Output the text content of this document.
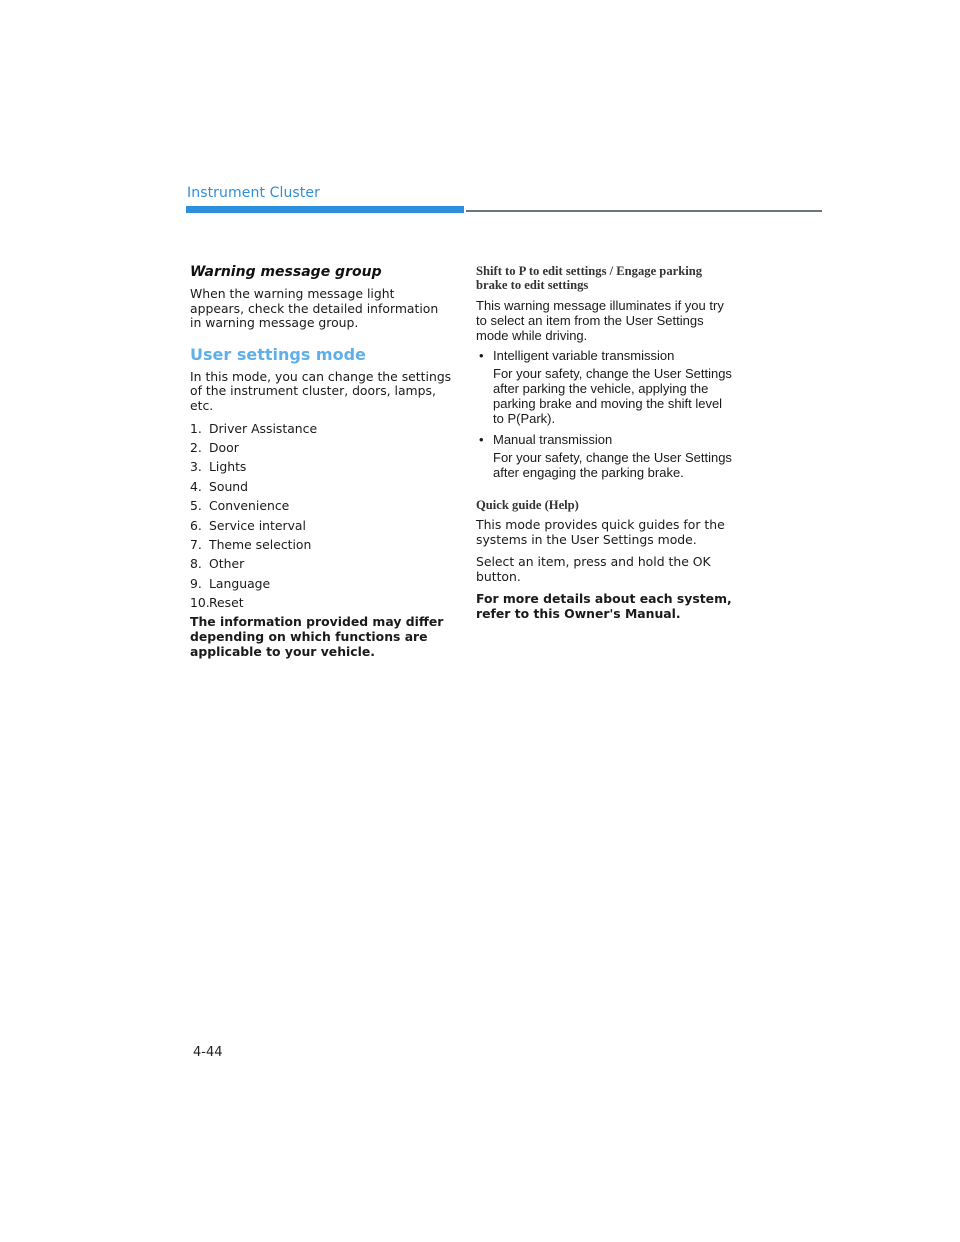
Instrument Cluster
Warning message group
When the warning message light appears, check the detailed information in warning message group.
User settings mode
In this mode, you can change the settings of the instrument cluster, doors, lamps, etc.
1. Driver Assistance
2. Door
3. Lights
4. Sound
5. Convenience
6. Service interval
7. Theme selection
8. Other
9. Language
10. Reset
The information provided may differ depending on which functions are applicable to your vehicle.
Shift to P to edit settings / Engage parking brake to edit settings
This warning message illuminates if you try to select an item from the User Settings mode while driving.
• Intelligent variable transmission
For your safety, change the User Settings after parking the vehicle, applying the parking brake and moving the shift level to P(Park).
• Manual transmission
For your safety, change the User Settings after engaging the parking brake.
Quick guide (Help)
This mode provides quick guides for the systems in the User Settings mode.
Select an item, press and hold the OK button.
For more details about each system, refer to this Owner's Manual.
4-44
